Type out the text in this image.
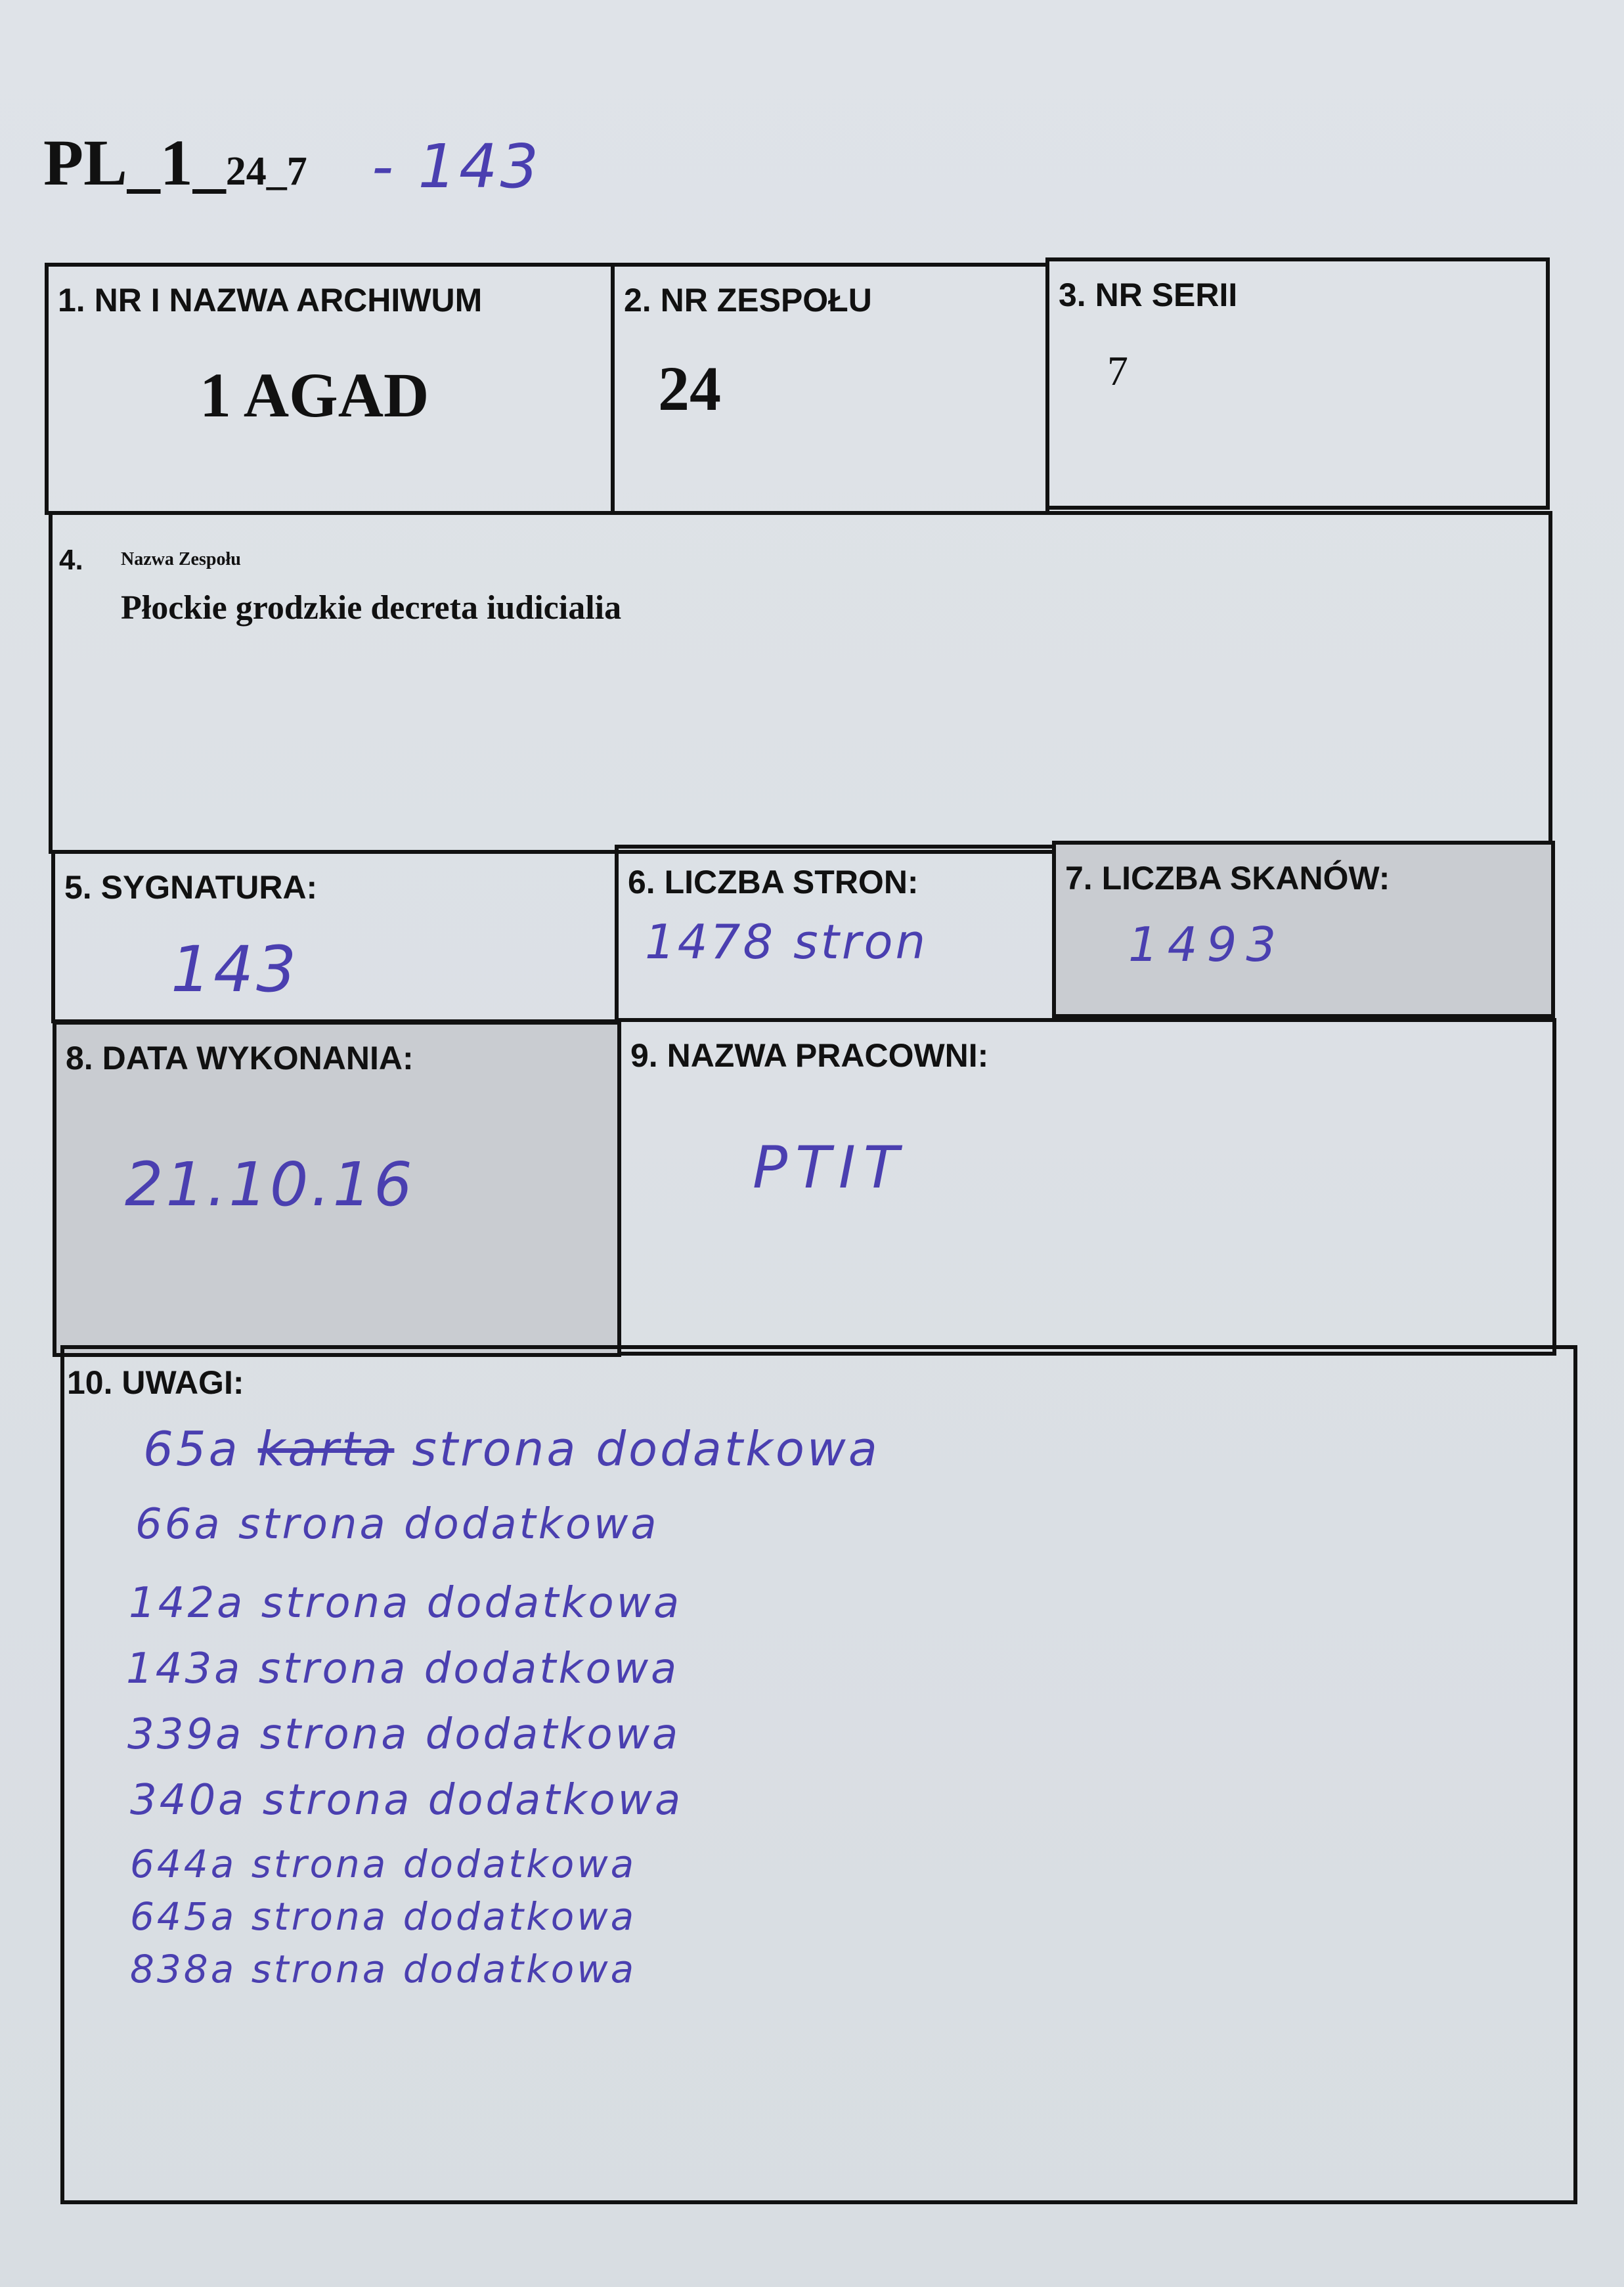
PL_1_24_7 - 143
1. NR I NAZWA ARCHIWUM
1 AGAD
2. NR ZESPOŁU
24
3. NR SERII
7
4. Nazwa Zespołu
Płockie grodzkie decreta iudicialia
5. SYGNATURA:
143
6. LICZBA STRON:
1478 stron
7. LICZBA SKANÓW:
1493
8. DATA WYKONANIA:
21.10.16
9. NAZWA PRACOWNI:
PTIT
10. UWAGI:
65a karta strona dodatkowa
66a strona dodatkowa
142a strona dodatkowa
143a strona dodatkowa
339a strona dodatkowa
340a strona dodatkowa
644a strona dodatkowa
645a strona dodatkowa
838a strona dodatkowa
